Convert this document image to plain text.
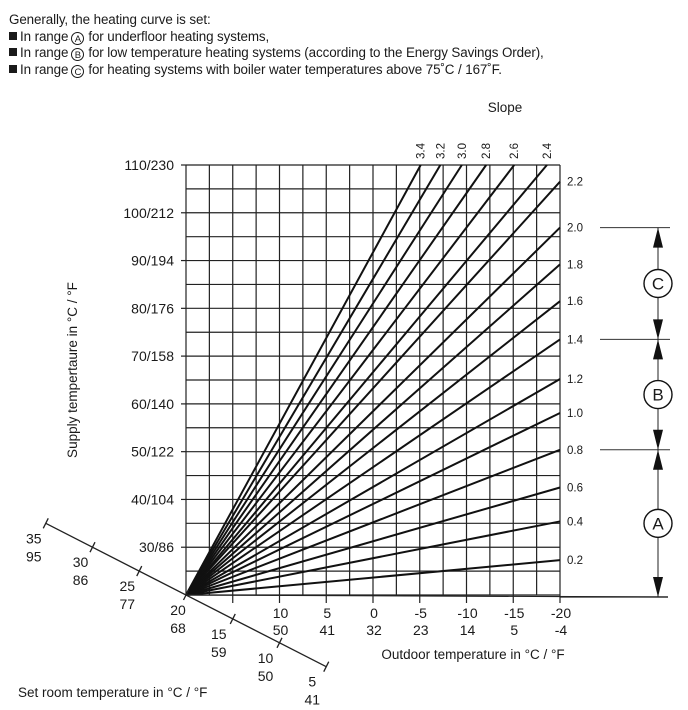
Generally, the heating curve is set:
In range A for underfloor heating systems,
In range B for low temperature heating systems (according to the Energy Savings Order),
In range C for heating systems with boiler water temperatures above 75˚C / 167˚F.
3.4 3.2 3.0 2.8 2.6 2.4
2.2
2.0
1.8
1.6
1.4
1.2
1.0
0.8
0.6
0.4
0.2
30/86
40/104
50/122
60/140
70/158
80/176
90/194
100/212
110/230
10
50
5
41
0
32
-5
23
-10
14
-15
5
-20
-4
35
95 30
86 25
77	20
68 15
59 10
50	5
41
C
B
A
Slope
Outdoor temperature in °C / °F
Supply tempertaure in °C / °F
Set room temperature in °C / °F
